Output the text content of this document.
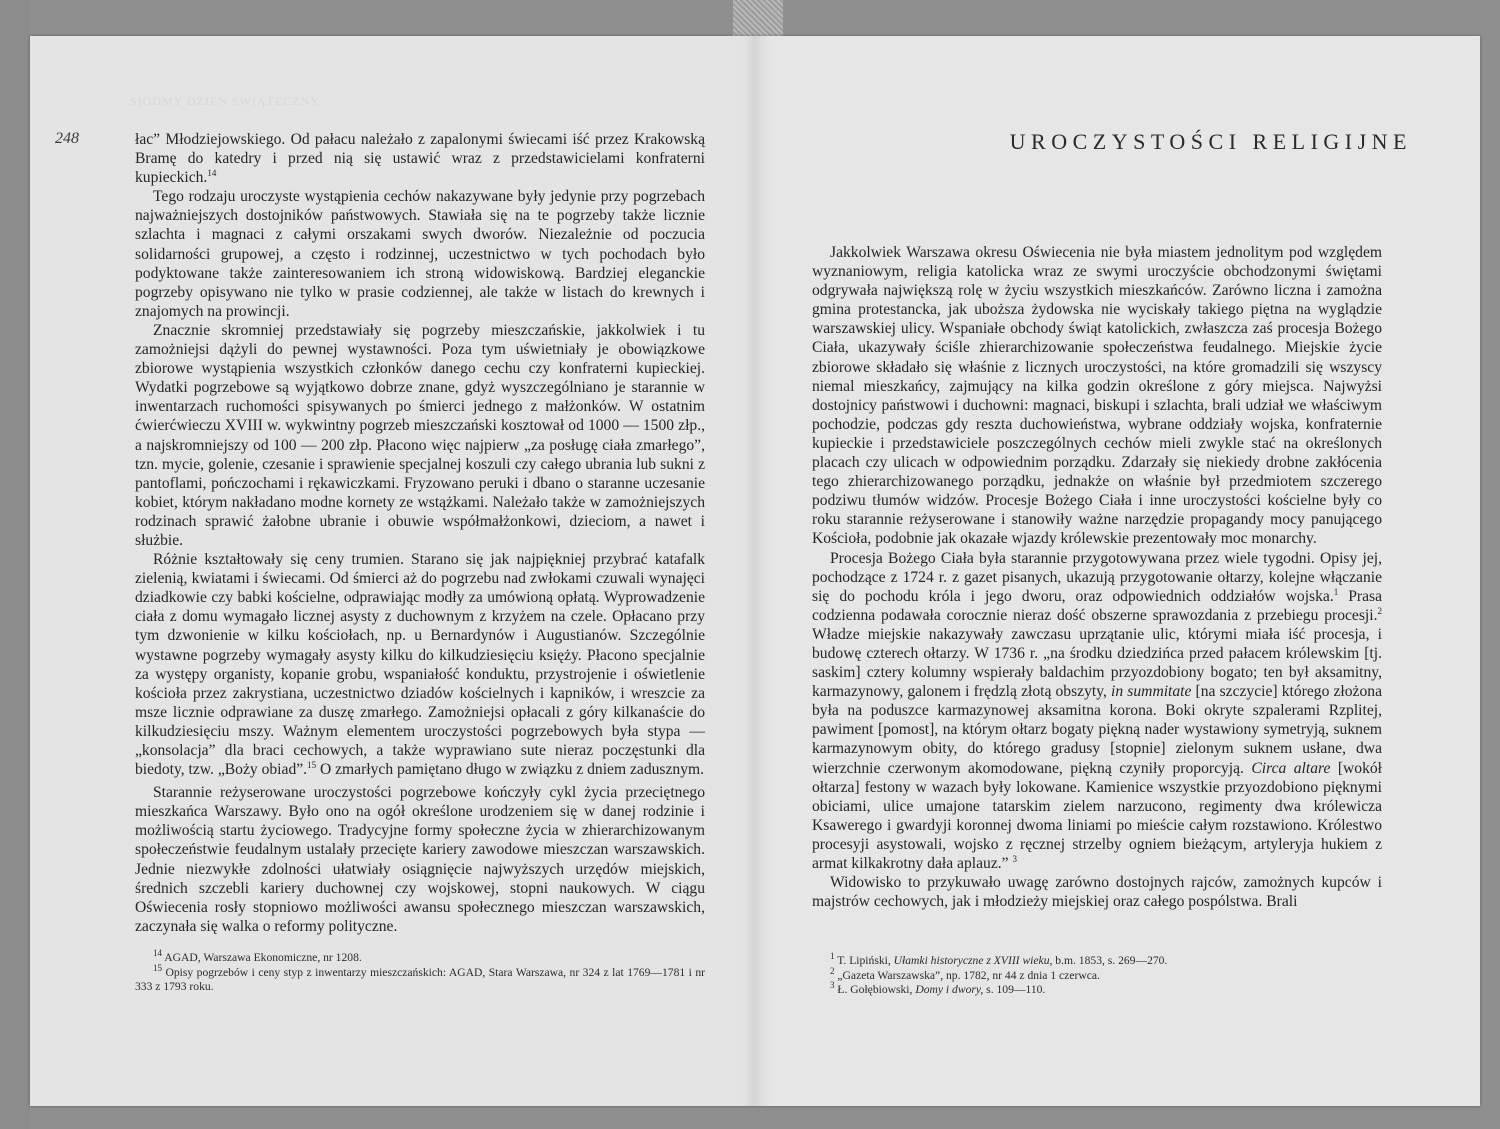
SIODMY DZIEŃ SWIĄTECZNY
248	łac” Młodziejowskiego. Od pałacu należało z zapalonymi świecami iść przez Krakowską Bramę do katedry i przed nią się ustawić wraz z przedstawicielami konfraterni kupieckich.$^{14}$

Tego rodzaju uroczyste wystąpienia cechów nakazywane były jedynie przy pogrzebach najważniejszych dostojników państwowych. Stawiała się na te pogrzeby także licznie szlachta i magnaci z całymi orszakami swych dworów. Niezależnie od poczucia solidarności grupowej, a często i rodzinnej, uczestnictwo w tych pochodach było podyktowane także zainteresowaniem ich stroną widowiskową. Bardziej eleganckie pogrzeby opisywano nie tylko w prasie codziennej, ale także w listach do krewnych i znajomych na prowincji.

Znacznie skromniej przedstawiały się pogrzeby mieszczańskie, jakkolwiek i tu zamożniejsi dążyli do pewnej wystawności. Poza tym uświetniały je obowiązkowe zbiorowe wystąpienia wszystkich członków danego cechu czy konfraterni kupieckiej. Wydatki pogrzebowe są wyjątkowo dobrze znane, gdyż wyszczególniano je starannie w inwentarzach ruchomości spisywanych po śmierci jednego z małżonków. W ostatnim ćwierćwieczu XVIII w. wykwintny pogrzeb mieszczański kosztował od 1000 — 1500 złp., a najskromniejszy od 100 — 200 złp. Płacono więc najpierw „za posługę ciała zmarłego”, tzn. mycie, golenie, czesanie i sprawienie specjalnej koszuli czy całego ubrania lub sukni z pantoflami, pończochami i rękawiczkami. Fryzowano peruki i dbano o staranne uczesanie kobiet, którym nakładano modne kornety ze wstążkami. Należało także w zamożniejszych rodzinach sprawić żałobne ubranie i obuwie współmałżonkowi, dzieciom, a nawet i służbie.

Różnie kształtowały się ceny trumien. Starano się jak najpiękniej przybrać katafalk zielenią, kwiatami i świecami. Od śmierci aż do pogrzebu nad zwłokami czuwali wynajęci dziadkowie czy babki kościelne, odprawiając modły za umówioną opłatą. Wyprowadzenie ciała z domu wymagało licznej asysty z duchownym z krzyżem na czele. Opłacano przy tym dzwonienie w kilku kościołach, np. u Bernardynów i Augustianów. Szczególnie wystawne pogrzeby wymagały asysty kilku do kilkudziesięciu księży. Płacono specjalnie za występy organisty, kopanie grobu, wspaniałość konduktu, przystrojenie i oświetlenie kościoła przez zakrystiana, uczestnictwo dziadów kościelnych i kapników, i wreszcie za msze licznie odprawiane za duszę zmarłego. Zamożniejsi opłacali z góry kilkanaście do kilkudziesięciu mszy. Ważnym elementem uroczystości pogrzebowych była stypa — „konsolacja” dla braci cechowych, a także wyprawiano sute nieraz poczęstunki dla biedoty, tzw. „Boży obiad”.$^{15}$ O zmarłych pamiętano długo w związku z dniem zadusznym.

Starannie reżyserowane uroczystości pogrzebowe kończyły cykl życia przeciętnego mieszkańca Warszawy. Było ono na ogół określone urodzeniem się w danej rodzinie i możliwością startu życiowego. Tradycyjne formy społeczne życia w zhierarchizowanym społeczeństwie feudalnym ustalały przecięte kariery zawodowe mieszczan warszawskich. Jednie niezwykłe zdolności ułatwiały osiągnięcie najwyższych urzędów miejskich, średnich szczebli kariery duchownej czy wojskowej, stopni naukowych. W ciągu Oświecenia rosły stopniowo możliwości awansu społecznego mieszczan warszawskich, zaczynała się walka o reformy polityczne.

$^{14}$ AGAD, Warszawa Ekonomiczne, nr 1208.

$^{15}$ Opisy pogrzebów i ceny styp z inwentarzy mieszczańskich: AGAD, Stara Warszawa, nr 324 z lat 1769—1781 i nr 333 z 1793 roku.

UROCZYSTOŚCI RELIGIJNE

Jakkolwiek Warszawa okresu Oświecenia nie była miastem jednolitym pod względem wyznaniowym, religia katolicka wraz ze swymi uroczyście obchodzonymi świętami odgrywała największą rolę w życiu wszystkich mieszkańców. Zarówno liczna i zamożna gmina protestancka, jak uboższa żydowska nie wyciskały takiego piętna na wyglądzie warszawskiej ulicy. Wspaniałe obchody świąt katolickich, zwłaszcza zaś procesja Bożego Ciała, ukazywały ściśle zhierarchizowanie społeczeństwa feudalnego. Miejskie życie zbiorowe składało się właśnie z licznych uroczystości, na które gromadzili się wszyscy niemal mieszkańcy, zajmujący na kilka godzin określone z góry miejsca. Najwyżsi dostojnicy państwowi i duchowni: magnaci, biskupi i szlachta, brali udział we właściwym pochodzie, podczas gdy reszta duchowieństwa, wybrane oddziały wojska, konfraternie kupieckie i przedstawiciele poszczególnych cechów mieli zwykle stać na określonych placach czy ulicach w odpowiednim porządku. Zdarzały się niekiedy drobne zakłócenia tego zhierarchizowanego porządku, jednakże on właśnie był przedmiotem szczerego podziwu tłumów widzów. Procesje Bożego Ciała i inne uroczystości kościelne były co roku starannie reżyserowane i stanowiły ważne narzędzie propagandy mocy panującego Kościoła, podobnie jak okazałe wjazdy królewskie prezentowały moc monarchy.

Procesja Bożego Ciała była starannie przygotowywana przez wiele tygodni. Opisy jej, pochodzące z 1724 r. z gazet pisanych, ukazują przygotowanie ołtarzy, kolejne włączanie się do pochodu króla i jego dworu, oraz odpowiednich oddziałów wojska.$^1$ Prasa codzienna podawała corocznie nieraz dość obszerne sprawozdania z przebiegu procesji.$^2$ Władze miejskie nakazywały zawczasu uprzątanie ulic, którymi miała iść procesja, i budowę czterech ołtarzy. W 1736 r. „na środku dziedzińca przed pałacem królewskim [tj. saskim] cztery kolumny wspierały baldachim przyozdobiony bogato; ten był aksamitny, karmazynowy, galonem i frędzlą złotą obszyty, in summitate [na szczycie] którego złożona była na poduszce karmazynowej aksamitna korona. Boki okryte szpalerami Rzplitej, pawiment [pomost], na którym ołtarz bogaty piękną nader wystawiony symetryją, suknem karmazynowym obity, do którego gradusy [stopnie] zielonym suknem usłane, dwa wierzchnie czerwonym akomodowane, piękną czyniły proporcyją. Circa altare [wokół ołtarza] festony w wazach były lokowane. Kamienice wszystkie przyozdobiono pięknymi obiciami, ulice umajone tatarskim zielem narzucono, regimenty dwa królewicza Ksawerego i gwardyji koronnej dwoma liniami po mieście całym rozstawiono. Królestwo procesyji asystowali, wojsko z ręcznej strzelby ogniem bieżącym, artyleryja hukiem z armat kilkakrotny dała aplauz.” $^3$

Widowisko to przykuwało uwagę zarówno dostojnych rajców, zamożnych kupców i majstrów cechowych, jak i młodzieży miejskiej oraz całego pospólstwa. Brali

$^1$ T. Lipiński, Ułamki historyczne z XVIII wieku, b.m. 1853, s. 269—270.

$^2$ „Gazeta Warszawska”, np. 1782, nr 44 z dnia 1 czerwca.

$^3$ Ł. Gołębiowski, Domy i dwory, s. 109—110.
